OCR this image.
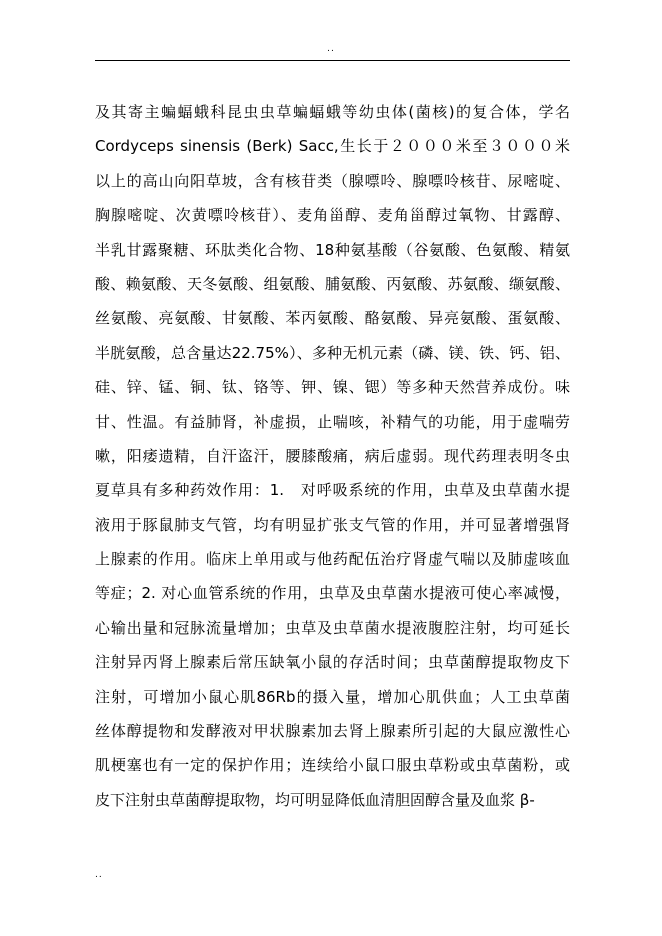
..
及其寄主蝙蝠蛾科昆虫虫草蝙蝠蛾等幼虫体(菌核)的复合体，学名
Cordyceps sinensis (Berk) Sacc,生长于２０００米至３０００米
以上的高山向阳草坡，含有核苷类（腺嘌呤、腺嘌呤核苷、尿嘧啶、
胸腺嘧啶、次黄嘌呤核苷）、麦角甾醇、麦角甾醇过氧物、甘露醇、
半乳甘露聚糖、环肽类化合物、18种氨基酸（谷氨酸、色氨酸、精氨
酸、赖氨酸、天冬氨酸、组氨酸、脯氨酸、丙氨酸、苏氨酸、缬氨酸、
丝氨酸、亮氨酸、甘氨酸、苯丙氨酸、酪氨酸、异亮氨酸、蛋氨酸、
半胱氨酸，总含量达22.75%）、多种无机元素（磷、镁、铁、钙、铝、
硅、锌、锰、铜、钛、铬等、钾、镍、锶）等多种天然营养成份。味
甘、性温。有益肺肾，补虚损，止喘咳，补精气的功能，用于虚喘劳
嗽，阳痿遗精，自汗盗汗，腰膝酸痛，病后虚弱。现代药理表明冬虫
夏草具有多种药效作用：1.　对呼吸系统的作用，虫草及虫草菌水提
液用于豚鼠肺支气管，均有明显扩张支气管的作用，并可显著增强肾
上腺素的作用。临床上单用或与他药配伍治疗肾虚气喘以及肺虚咳血
等症；2. 对心血管系统的作用，虫草及虫草菌水提液可使心率减慢，
心输出量和冠脉流量增加；虫草及虫草菌水提液腹腔注射，均可延长
注射异丙肾上腺素后常压缺氧小鼠的存活时间；虫草菌醇提取物皮下
注射，可增加小鼠心肌86Rb的摄入量，增加心肌供血；人工虫草菌
丝体醇提物和发酵液对甲状腺素加去肾上腺素所引起的大鼠应激性心
肌梗塞也有一定的保护作用；连续给小鼠口服虫草粉或虫草菌粉，或
皮下注射虫草菌醇提取物，均可明显降低血清胆固醇含量及血浆 β-
..
